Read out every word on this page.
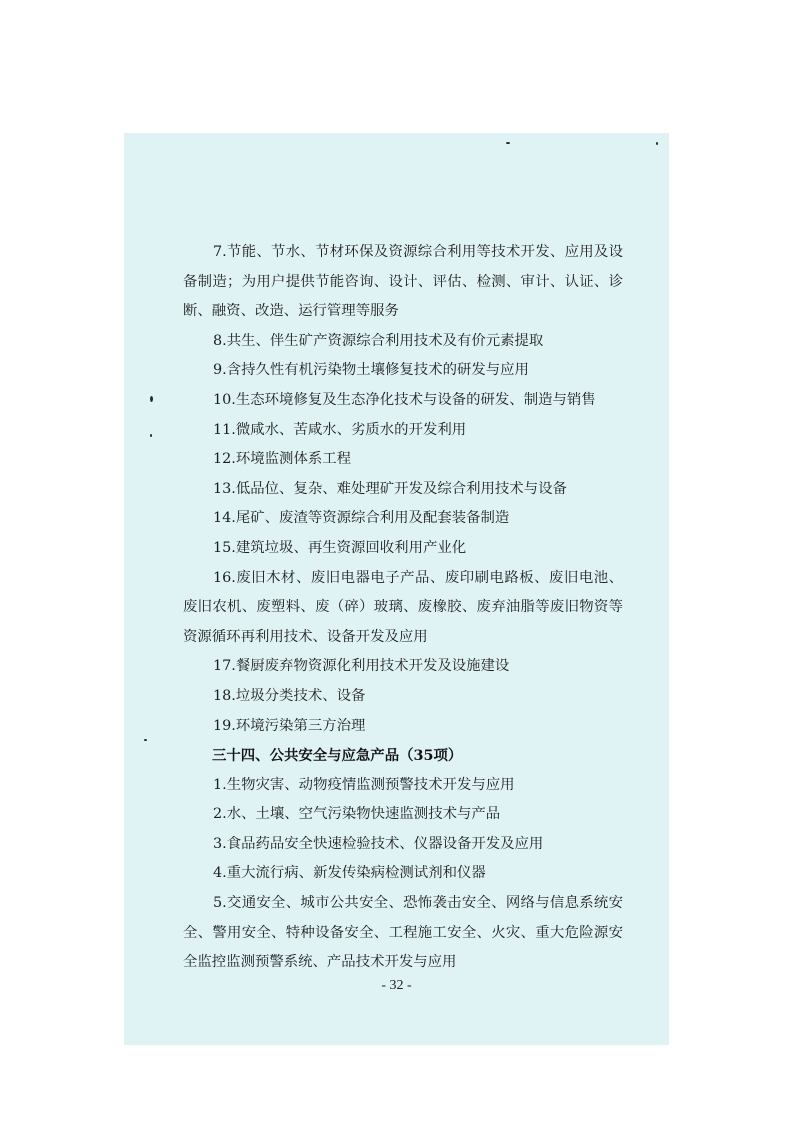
7.节能、节水、节材环保及资源综合利用等技术开发、应用及设备制造；为用户提供节能咨询、设计、评估、检测、审计、认证、诊断、融资、改造、运行管理等服务

8.共生、伴生矿产资源综合利用技术及有价元素提取

9.含持久性有机污染物土壤修复技术的研发与应用

10.生态环境修复及生态净化技术与设备的研发、制造与销售

11.微咸水、苦咸水、劣质水的开发利用

12.环境监测体系工程

13.低品位、复杂、难处理矿开发及综合利用技术与设备

14.尾矿、废渣等资源综合利用及配套装备制造

15.建筑垃圾、再生资源回收利用产业化

16.废旧木材、废旧电器电子产品、废印刷电路板、废旧电池、废旧农机、废塑料、废（碎）玻璃、废橡胶、废弃油脂等废旧物资等资源循环再利用技术、设备开发及应用

17.餐厨废弃物资源化利用技术开发及设施建设

18.垃圾分类技术、设备

19.环境污染第三方治理

三十四、公共安全与应急产品（35项）

1.生物灾害、动物疫情监测预警技术开发与应用

2.水、土壤、空气污染物快速监测技术与产品

3.食品药品安全快速检验技术、仪器设备开发及应用

4.重大流行病、新发传染病检测试剂和仪器

5.交通安全、城市公共安全、恐怖袭击安全、网络与信息系统安全、警用安全、特种设备安全、工程施工安全、火灾、重大危险源安全监控监测预警系统、产品技术开发与应用

- 32 -
